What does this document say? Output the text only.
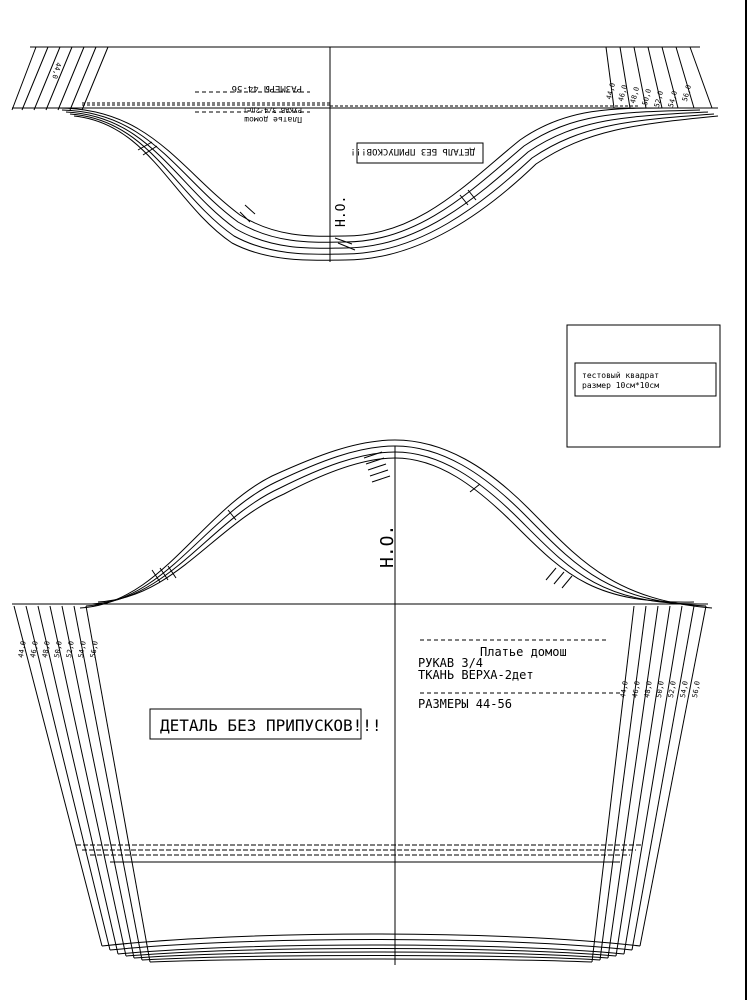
РАЗМЕРЫ 44-56
РУКАВ 3/4-2дет
Платье домош
ДЕТАЛЬ БЕЗ ПРИПУСКОВ!!!
Н.О.
44,0 46,0 48,0 50,0 52,0 54,0 56,0
44,0
тестовый квадрат
размер 10см*10см
Платье домош
РУКАВ 3/4
ТКАНЬ ВЕРХА-2дет
РАЗМЕРЫ 44-56
ДЕТАЛЬ БЕЗ ПРИПУСКОВ!!!
Н.О.
44,0 46,0 48,0 50,0 52,0 54,0 56,0
44,0 46,0 48,0 50,0 52,0 54,0 56,0
